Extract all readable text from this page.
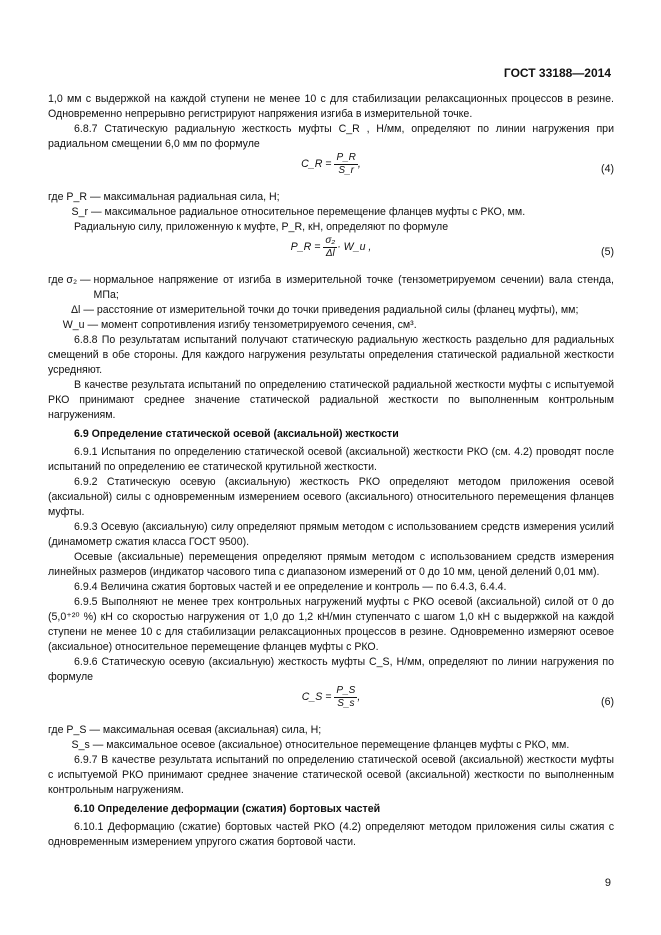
ГОСТ 33188—2014

1,0 мм с выдержкой на каждой ступени не менее 10 с для стабилизации релаксационных процессов в резине. Одновременно непрерывно регистрируют напряжения изгиба в измерительной точке.

6.8.7 Статическую радиальную жесткость муфты C_R , Н/мм, определяют по линии нагружения при радиальном смещении 6,0 мм по формуле

C_R = $\frac{P\_R}{S\_r}$ ,	(4)
где P_R — максимальная радиальная сила, Н;
S_r — максимальное радиальное относительное перемещение фланцев муфты с РКО, мм.

Радиальную силу, приложенную к муфте, P_R, кН, определяют по формуле

P_R = $\frac{\text{σ₂}}{\Delta l}$ · W_u ,	(5)
где σ₂ — нормальное напряжение от изгиба в измерительной точке (тензометрируемом сечении) вала стенда, МПа;
Δl — расстояние от измерительной точки до точки приведения радиальной силы (фланец муфты), мм;
W_u — момент сопротивления изгибу тензометрируемого сечения, см³.

6.8.8 По результатам испытаний получают статическую радиальную жесткость раздельно для радиальных смещений в обе стороны. Для каждого нагружения результаты определения статической радиальной жесткости усредняют.

В качестве результата испытаний по определению статической радиальной жесткости муфты с испытуемой РКО принимают среднее значение статической радиальной жесткости по выполненным контрольным нагружениям.

6.9 Определение статической осевой (аксиальной) жесткости

6.9.1 Испытания по определению статической осевой (аксиальной) жесткости РКО (см. 4.2) проводят после испытаний по определению ее статической крутильной жесткости.

6.9.2 Статическую осевую (аксиальную) жесткость РКО определяют методом приложения осевой (аксиальной) силы с одновременным измерением осевого (аксиального) относительного перемещения фланцев муфты.

6.9.3 Осевую (аксиальную) силу определяют прямым методом с использованием средств измерения усилий (динамометр сжатия класса ГОСТ 9500).

Осевые (аксиальные) перемещения определяют прямым методом с использованием средств измерения линейных размеров (индикатор часового типа с диапазоном измерений от 0 до 10 мм, ценой делений 0,01 мм).

6.9.4 Величина сжатия бортовых частей и ее определение и контроль — по 6.4.3, 6.4.4.

6.9.5 Выполняют не менее трех контрольных нагружений муфты с РКО осевой (аксиальной) силой от 0 до (5,0⁺²⁰ %) кН со скоростью нагружения от 1,0 до 1,2 кН/мин ступенчато с шагом 1,0 кН с выдержкой на каждой ступени не менее 10 с для стабилизации релаксационных процессов в резине. Одновременно измеряют осевое (аксиальное) относительное перемещение фланцев муфты с РКО.

6.9.6 Статическую осевую (аксиальную) жесткость муфты C_S, Н/мм, определяют по линии нагружения по формуле

C_S = $\frac{P\_S}{S\_s}$ ,	(6)
где P_S — максимальная осевая (аксиальная) сила, Н;
S_s — максимальное осевое (аксиальное) относительное перемещение фланцев муфты с РКО, мм.

6.9.7 В качестве результата испытаний по определению статической осевой (аксиальной) жесткости муфты с испытуемой РКО принимают среднее значение статической осевой (аксиальной) жесткости по выполненным контрольным нагружениям.

6.10 Определение деформации (сжатия) бортовых частей

6.10.1 Деформацию (сжатие) бортовых частей РКО (4.2) определяют методом приложения силы сжатия с одновременным измерением упругого сжатия бортовой части.

9
